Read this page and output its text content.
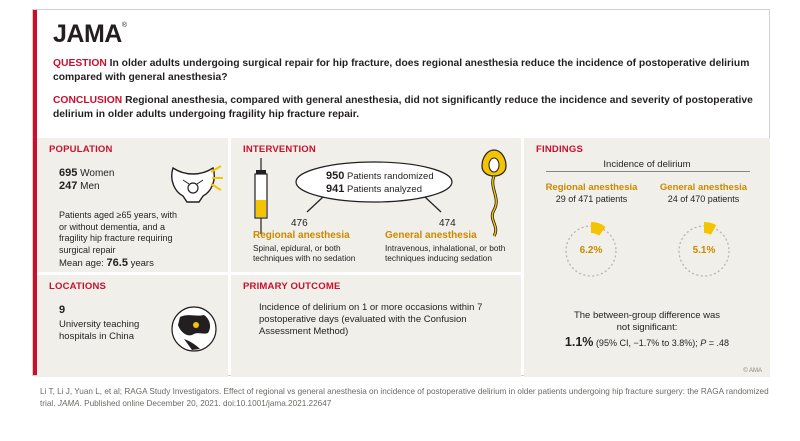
JAMA®

QUESTION In older adults undergoing surgical repair for hip fracture, does regional anesthesia reduce the incidence of postoperative delirium compared with general anesthesia?

CONCLUSION Regional anesthesia, compared with general anesthesia, did not significantly reduce the incidence and severity of postoperative delirium in older adults undergoing fragility hip fracture repair.

POPULATION
695 Women
247 Men
Patients aged ≥65 years, with or without dementia, and a fragility hip fracture requiring surgical repair
Mean age: 76.5 years
LOCATIONS
9
University teaching hospitals in China
INTERVENTION
950 Patients randomized
941 Patients analyzed
476
Regional anesthesia
Spinal, epidural, or both techniques with no sedation
474
General anesthesia
Intravenous, inhalational, or both techniques inducing sedation
PRIMARY OUTCOME
Incidence of delirium on 1 or more occasions within 7 postoperative days (evaluated with the Confusion Assessment Method)
FINDINGS
Incidence of delirium
Regional anesthesia
29 of 471 patients
General anesthesia
24 of 470 patients
6.2%	5.1%
The between-group difference was not significant:
1.1% (95% CI, −1.7% to 3.8%); P = .48
© AMA
Li T, Li J, Yuan L, et al; RAGA Study Investigators. Effect of regional vs general anesthesia on incidence of postoperative delirium in older patients undergoing hip fracture surgery: the RAGA randomized trial. JAMA. Published online December 20, 2021. doi:10.1001/jama.2021.22647
